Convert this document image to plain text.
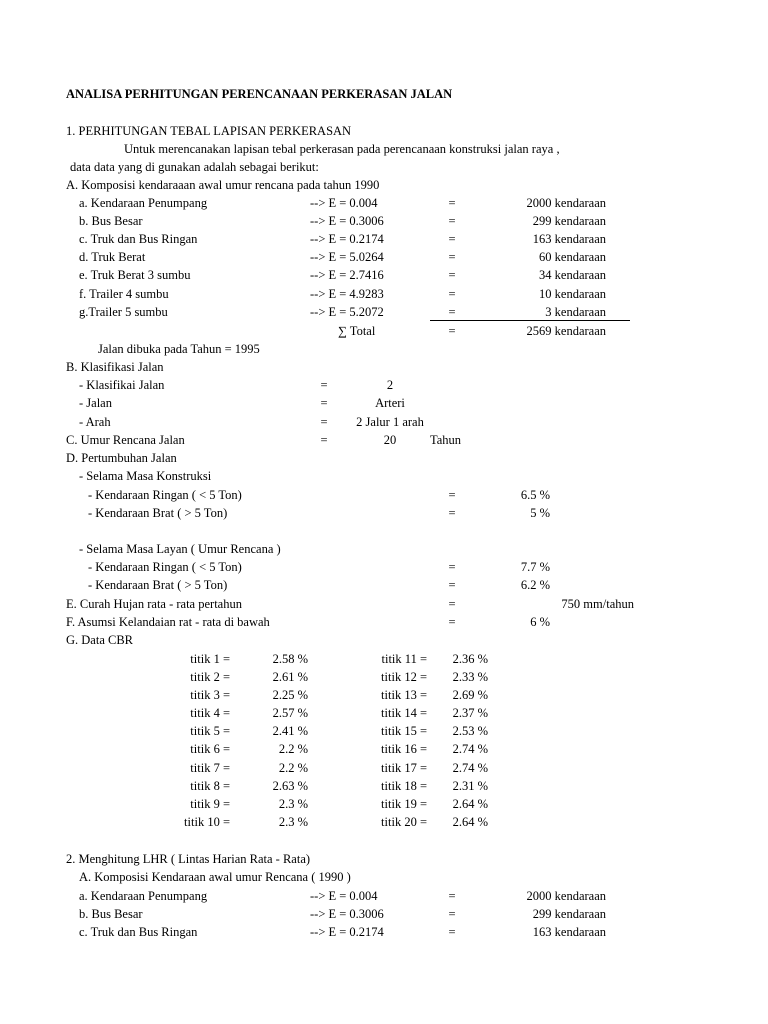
ANALISA PERHITUNGAN PERENCANAAN PERKERASAN JALAN
1. PERHITUNGAN TEBAL LAPISAN PERKERASAN
Untuk merencanakan lapisan tebal perkerasan pada perencanaan konstruksi jalan raya ,
data data yang di gunakan adalah sebagai berikut:
A. Komposisi kendaraaan awal umur rencana pada tahun 1990
a. Kendaraan Penumpang	--> E = 0.004	=	2000 kendaraan
b. Bus Besar	--> E = 0.3006	=	299 kendaraan
c. Truk dan Bus Ringan	--> E = 0.2174	=	163 kendaraan
d. Truk Berat	--> E = 5.0264	=	60 kendaraan
e. Truk Berat 3 sumbu	--> E = 2.7416	=	34 kendaraan
f. Trailer 4 sumbu	--> E = 4.9283	=	10 kendaraan
g.Trailer 5 sumbu	--> E = 5.2072	=	3 kendaraan
∑ Total	=	2569 kendaraan
Jalan dibuka pada Tahun = 1995
B. Klasifikasi Jalan
- Klasifikai Jalan	=	2
- Jalan	=	Arteri
- Arah	=	2 Jalur 1 arah
C. Umur Rencana Jalan	=	20	Tahun
D. Pertumbuhan Jalan
- Selama Masa Konstruksi
- Kendaraan Ringan ( < 5 Ton)	=	6.5 %
- Kendaraan Brat ( > 5 Ton)	=	5 %
- Selama Masa Layan ( Umur Rencana )
- Kendaraan Ringan ( < 5 Ton)	=	7.7 %
- Kendaraan Brat ( > 5 Ton)	=	6.2 %
E. Curah Hujan rata - rata pertahun	=	750 mm/tahun
F. Asumsi Kelandaian rat - rata di bawah	=	6 %
G. Data CBR
titik 1 =	2.58 %	titik 11 =	2.36 %
titik 2 =	2.61 %	titik 12 =	2.33 %
titik 3 =	2.25 %	titik 13 =	2.69 %
titik 4 =	2.57 %	titik 14 =	2.37 %
titik 5 =	2.41 %	titik 15 =	2.53 %
titik 6 =	2.2 %	titik 16 =	2.74 %
titik 7 =	2.2 %	titik 17 =	2.74 %
titik 8 =	2.63 %	titik 18 =	2.31 %
titik 9 =	2.3 %	titik 19 =	2.64 %
titik 10 =	2.3 %	titik 20 =	2.64 %
2. Menghitung LHR ( Lintas Harian Rata - Rata)
A. Komposisi Kendaraan awal umur Rencana ( 1990 )
a. Kendaraan Penumpang	--> E = 0.004	=	2000 kendaraan
b. Bus Besar	--> E = 0.3006	=	299 kendaraan
c. Truk dan Bus Ringan	--> E = 0.2174	=	163 kendaraan
